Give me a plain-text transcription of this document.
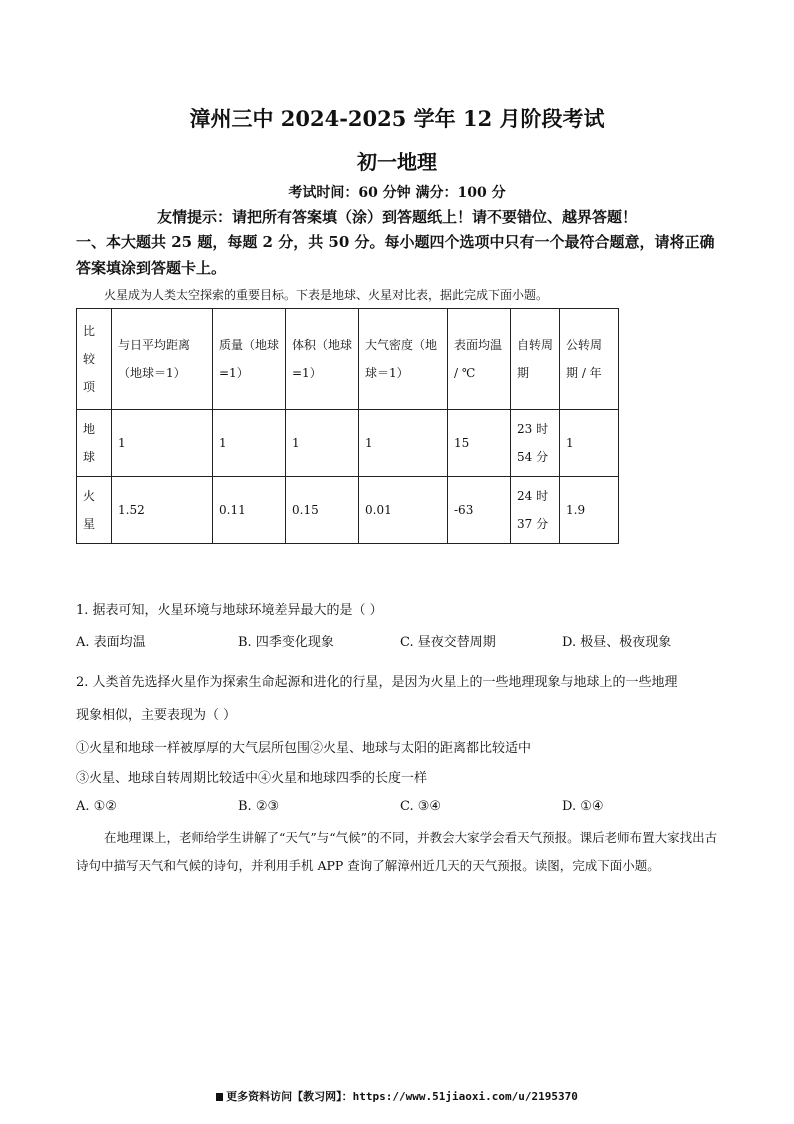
漳州三中 2024-2025 学年 12 月阶段考试
初一地理
考试时间：60 分钟 满分：100 分
友情提示：请把所有答案填（涂）到答题纸上！请不要错位、越界答题！
一、本大题共 25 题，每题 2 分，共 50 分。每小题四个选项中只有一个最符合题意，请将正确答案填涂到答题卡上。
火星成为人类太空探索的重要目标。下表是地球、火星对比表，据此完成下面小题。
比较项	与日平均距离（地球＝1）	质量（地球=1）	体积（地球=1）	大气密度（地球＝1）	表面均温 / ℃	自转周期	公转周期 / 年
地球	1	1	1	1	15	23 时 54 分	1
火星	1.52	0.11	0.15	0.01	-63	24 时 37 分	1.9
1. 据表可知，火星环境与地球环境差异最大的是（ ）
A. 表面均温	B. 四季变化现象	C. 昼夜交替周期	D. 极昼、极夜现象
2. 人类首先选择火星作为探索生命起源和进化的行星，是因为火星上的一些地理现象与地球上的一些地理
现象相似，主要表现为（ ）
①火星和地球一样被厚厚的大气层所包围②火星、地球与太阳的距离都比较适中
③火星、地球自转周期比较适中④火星和地球四季的长度一样
A. ①②	B. ②③	C. ③④	D. ①④
在地理课上，老师给学生讲解了“天气”与“气候”的不同，并教会大家学会看天气预报。课后老师布置大家找出古诗句中描写天气和气候的诗句，并利用手机 APP 查询了解漳州近几天的天气预报。读图，完成下面小题。
更多资料访问【教习网】：https://www.51jiaoxi.com/u/2195370
